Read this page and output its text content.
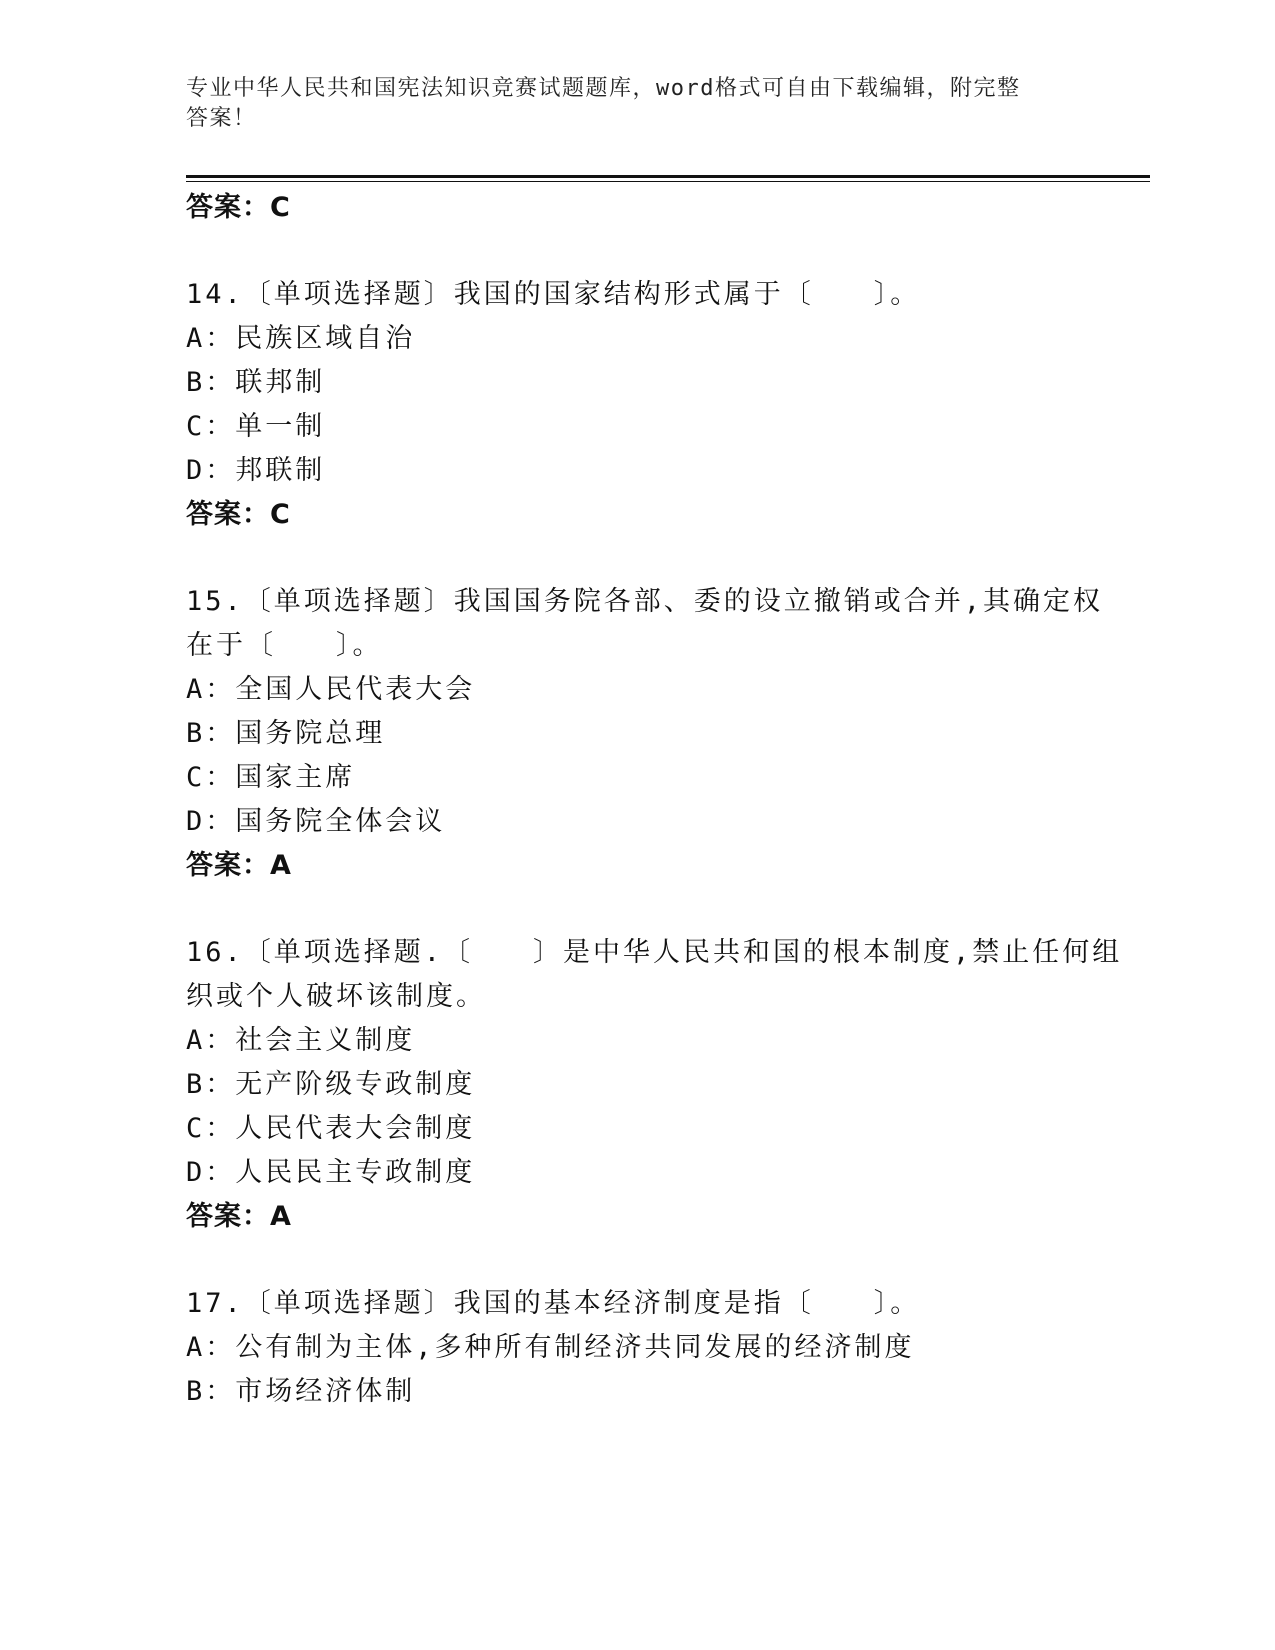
专业中华人民共和国宪法知识竞赛试题题库，word格式可自由下载编辑，附完整
答案！
答案：C
14.〔单项选择题〕我国的国家结构形式属于〔　　〕。
A：民族区域自治
B：联邦制
C：单一制
D：邦联制
答案：C
15.〔单项选择题〕我国国务院各部、委的设立撤销或合并,其确定权
在于〔　　〕。
A：全国人民代表大会
B：国务院总理
C：国家主席
D：国务院全体会议
答案：A
16.〔单项选择题.〔　　〕是中华人民共和国的根本制度,禁止任何组
织或个人破坏该制度。
A：社会主义制度
B：无产阶级专政制度
C：人民代表大会制度
D：人民民主专政制度
答案：A
17.〔单项选择题〕我国的基本经济制度是指〔　　〕。
A：公有制为主体,多种所有制经济共同发展的经济制度
B：市场经济体制
